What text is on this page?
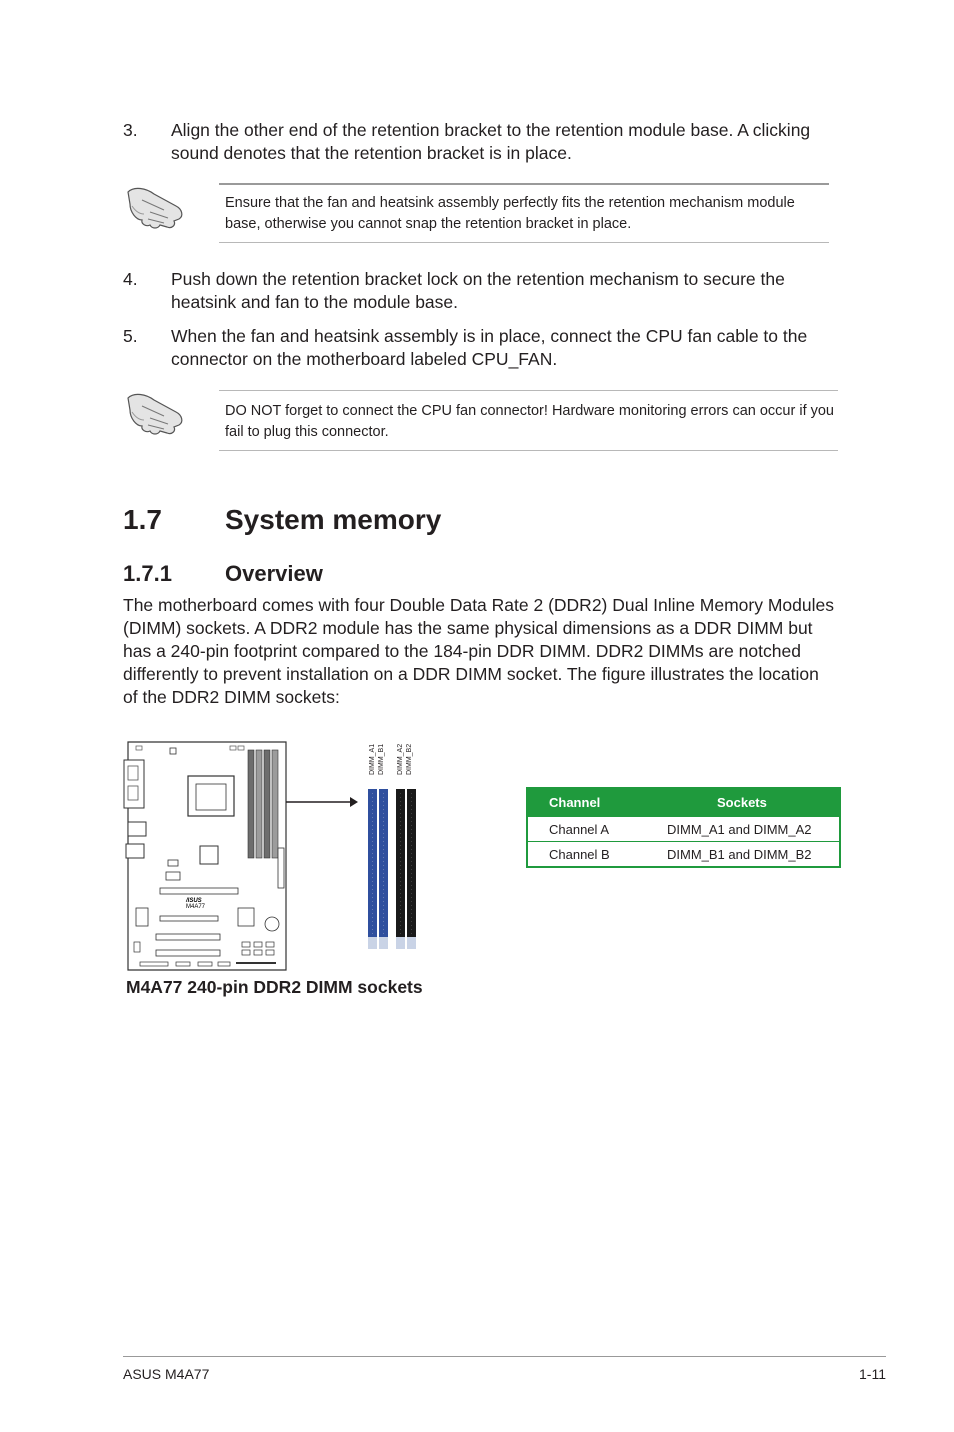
3. Align the other end of the retention bracket to the retention module base. A clicking sound denotes that the retention bracket is in place.
Ensure that the fan and heatsink assembly perfectly fits the retention mechanism module base, otherwise you cannot snap the retention bracket in place.
4. Push down the retention bracket lock on the retention mechanism to secure the heatsink and fan to the module base.
5. When the fan and heatsink assembly is in place, connect the CPU fan cable to the connector on the motherboard labeled CPU_FAN.
DO NOT forget to connect the CPU fan connector! Hardware monitoring errors can occur if you fail to plug this connector.
1.7 System memory
1.7.1 Overview
The motherboard comes with four Double Data Rate 2 (DDR2) Dual Inline Memory Modules (DIMM) sockets. A DDR2 module has the same physical dimensions as a DDR DIMM but has a 240-pin footprint compared to the 184-pin DDR DIMM. DDR2 DIMMs are notched differently to prevent installation on a DDR DIMM socket. The figure illustrates the location of the DDR2 DIMM sockets:
/ISUS
M4A77
DIMM_A1 DIMM_B1 DIMM_A2 DIMM_B2
M4A77 240-pin DDR2 DIMM sockets
Channel	Sockets
Channel A	DIMM_A1 and DIMM_A2
Channel B	DIMM_B1 and DIMM_B2
ASUS M4A77	1-11
